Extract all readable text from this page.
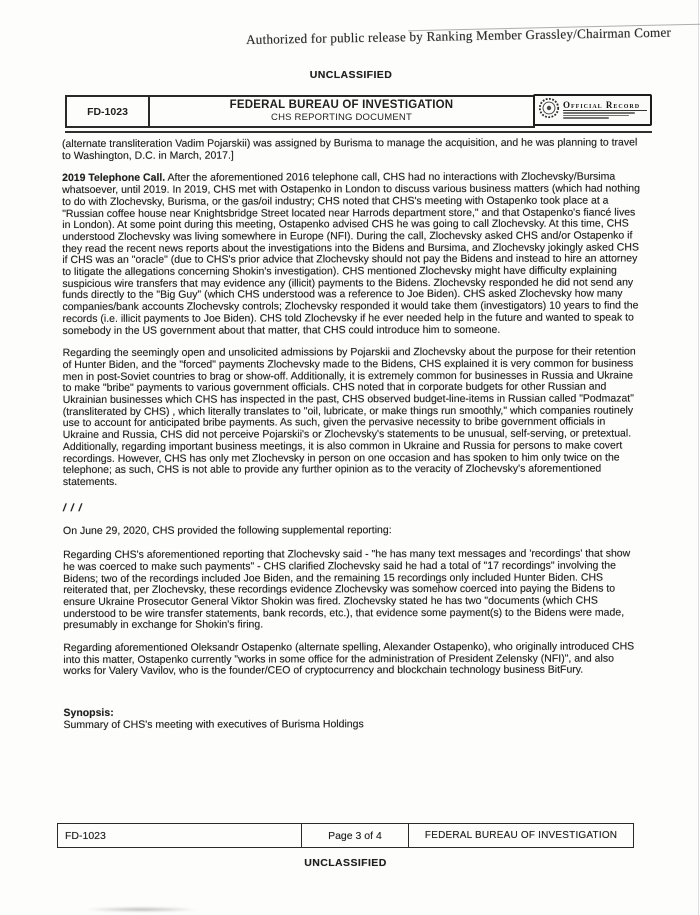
Authorized for public release by Ranking Member Grassley/Chairman Comer
UNCLASSIFIED
FD-1023
FEDERAL BUREAU OF INVESTIGATION
CHS REPORTING DOCUMENT
Official Record

(alternate transliteration Vadim Pojarskii) was assigned by Burisma to manage the acquisition, and he was planning to travel to Washington, D.C. in March, 2017.]

2019 Telephone Call. After the aforementioned 2016 telephone call, CHS had no interactions with Zlochevsky/Bursima whatsoever, until 2019. In 2019, CHS met with Ostapenko in London to discuss various business matters (which had nothing to do with Zlochevsky, Burisma, or the gas/oil industry; CHS noted that CHS's meeting with Ostapenko took place at a "Russian coffee house near Knightsbridge Street located near Harrods department store," and that Ostapenko's fiancé lives in London). At some point during this meeting, Ostapenko advised CHS he was going to call Zlochevsky. At this time, CHS understood Zlochevsky was living somewhere in Europe (NFI). During the call, Zlochevsky asked CHS and/or Ostapenko if they read the recent news reports about the investigations into the Bidens and Bursima, and Zlochevsky jokingly asked CHS if CHS was an "oracle" (due to CHS's prior advice that Zlochevsky should not pay the Bidens and instead to hire an attorney to litigate the allegations concerning Shokin's investigation). CHS mentioned Zlochevsky might have difficulty explaining suspicious wire transfers that may evidence any (illicit) payments to the Bidens. Zlochevsky responded he did not send any funds directly to the "Big Guy" (which CHS understood was a reference to Joe Biden). CHS asked Zlochevsky how many companies/bank accounts Zlochevsky controls; Zlochevsky responded it would take them (investigators) 10 years to find the records (i.e. illicit payments to Joe Biden). CHS told Zlochevsky if he ever needed help in the future and wanted to speak to somebody in the US government about that matter, that CHS could introduce him to someone.

Regarding the seemingly open and unsolicited admissions by Pojarskii and Zlochevsky about the purpose for their retention of Hunter Biden, and the "forced" payments Zlochevsky made to the Bidens, CHS explained it is very common for business men in post-Soviet countries to brag or show-off. Additionally, it is extremely common for businesses in Russia and Ukraine to make "bribe" payments to various government officials. CHS noted that in corporate budgets for other Russian and Ukrainian businesses which CHS has inspected in the past, CHS observed budget-line-items in Russian called "Podmazat" (transliterated by CHS) , which literally translates to "oil, lubricate, or make things run smoothly," which companies routinely use to account for anticipated bribe payments. As such, given the pervasive necessity to bribe government officials in Ukraine and Russia, CHS did not perceive Pojarskii's or Zlochevsky's statements to be unusual, self-serving, or pretextual. Additionally, regarding important business meetings, it is also common in Ukraine and Russia for persons to make covert recordings. However, CHS has only met Zlochevsky in person on one occasion and has spoken to him only twice on the telephone; as such, CHS is not able to provide any further opinion as to the veracity of Zlochevsky's aforementioned statements.

/ / /

On June 29, 2020, CHS provided the following supplemental reporting:

Regarding CHS's aforementioned reporting that Zlochevsky said - "he has many text messages and 'recordings' that show he was coerced to make such payments" - CHS clarified Zlochevsky said he had a total of "17 recordings" involving the Bidens; two of the recordings included Joe Biden, and the remaining 15 recordings only included Hunter Biden. CHS reiterated that, per Zlochevsky, these recordings evidence Zlochevsky was somehow coerced into paying the Bidens to ensure Ukraine Prosecutor General Viktor Shokin was fired. Zlochevsky stated he has two "documents (which CHS understood to be wire transfer statements, bank records, etc.), that evidence some payment(s) to the Bidens were made, presumably in exchange for Shokin's firing.

Regarding aforementioned Oleksandr Ostapenko (alternate spelling, Alexander Ostapenko), who originally introduced CHS into this matter, Ostapenko currently "works in some office for the administration of President Zelensky (NFI)", and also works for Valery Vavilov, who is the founder/CEO of cryptocurrency and blockchain technology business BitFury.

Synopsis:
Summary of CHS's meeting with executives of Burisma Holdings
FD-1023	Page 3 of 4	FEDERAL BUREAU OF INVESTIGATION
UNCLASSIFIED
